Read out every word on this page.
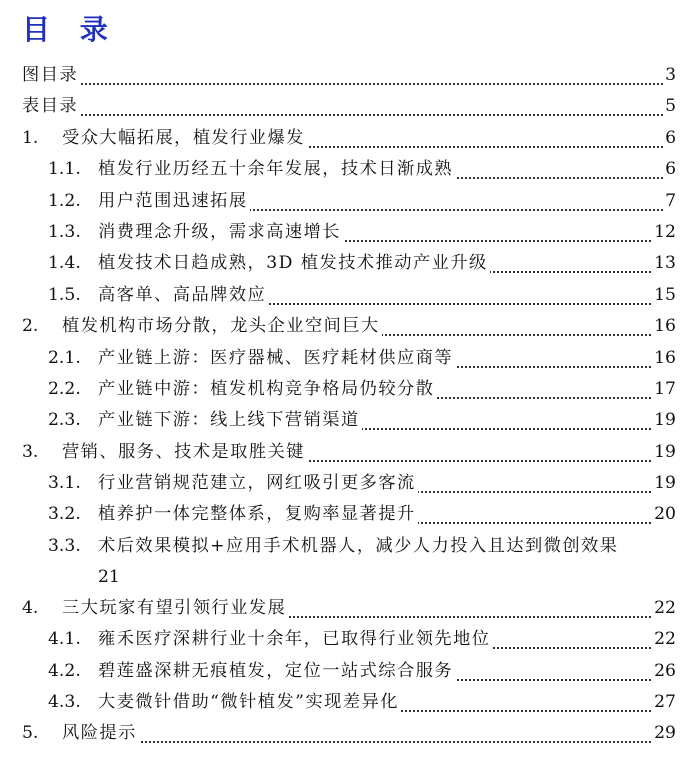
目 录
图目录	3
表目录	5
1. 受众大幅拓展，植发行业爆发	6
1.1. 植发行业历经五十余年发展，技术日渐成熟	6
1.2. 用户范围迅速拓展	7
1.3. 消费理念升级，需求高速增长	12
1.4. 植发技术日趋成熟，3D 植发技术推动产业升级	13
1.5. 高客单、高品牌效应	15
2. 植发机构市场分散，龙头企业空间巨大	16
2.1. 产业链上游：医疗器械、医疗耗材供应商等	16
2.2. 产业链中游：植发机构竞争格局仍较分散	17
2.3. 产业链下游：线上线下营销渠道	19
3. 营销、服务、技术是取胜关键	19
3.1. 行业营销规范建立，网红吸引更多客流	19
3.2. 植养护一体完整体系，复购率显著提升	20
3.3. 术后效果模拟+应用手术机器人，减少人力投入且达到微创效果
21
4. 三大玩家有望引领行业发展	22
4.1. 雍禾医疗深耕行业十余年，已取得行业领先地位	22
4.2. 碧莲盛深耕无痕植发，定位一站式综合服务	26
4.3. 大麦微针借助“微针植发”实现差异化	27
5. 风险提示	29
